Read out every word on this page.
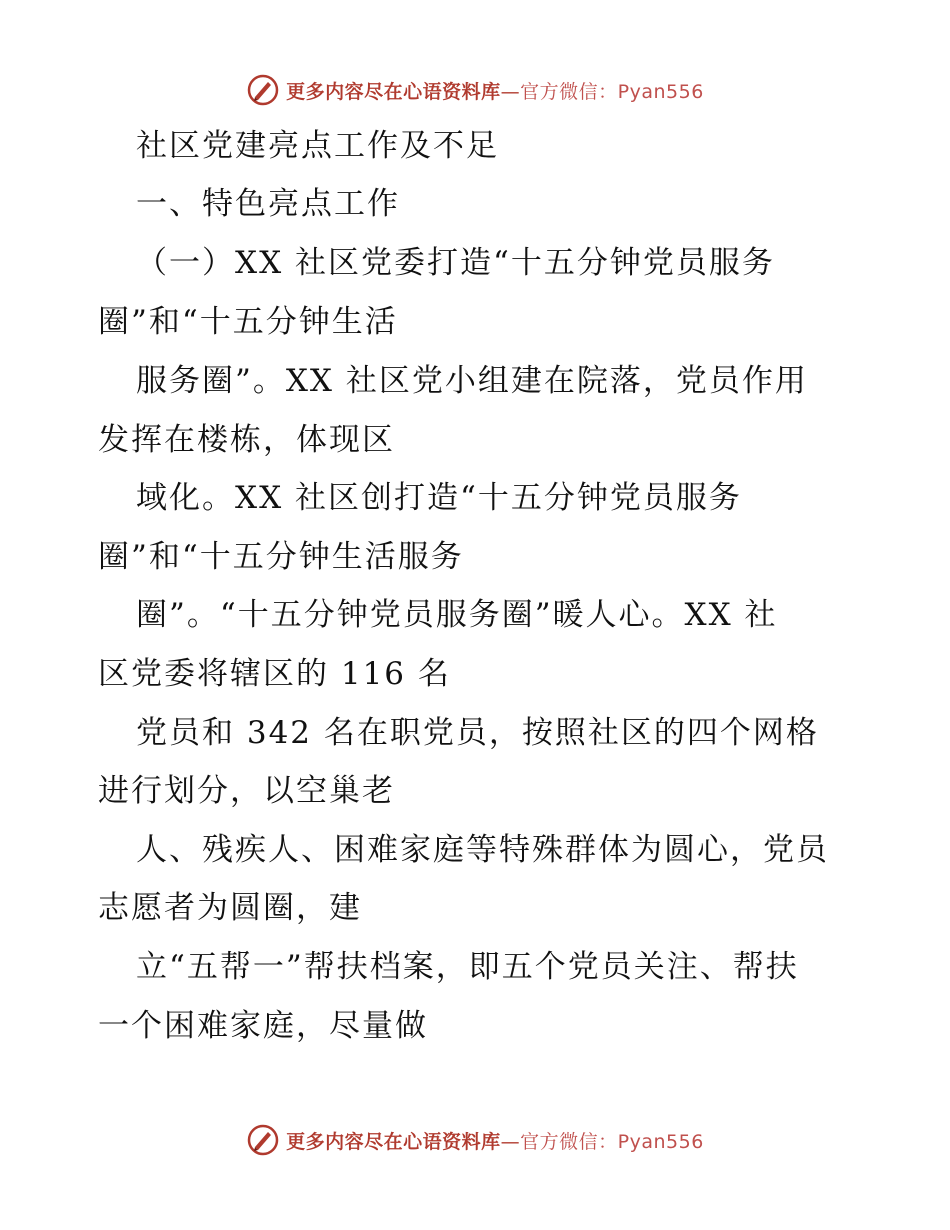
更多内容尽在心语资料库—官方微信：Pyan556
社区党建亮点工作及不足
一、特色亮点工作
（一）XX 社区党委打造“十五分钟党员服务
圈”和“十五分钟生活
服务圈”。XX 社区党小组建在院落，党员作用
发挥在楼栋，体现区
域化。XX 社区创打造“十五分钟党员服务
圈”和“十五分钟生活服务
圈”。“十五分钟党员服务圈”暖人心。XX 社
区党委将辖区的 116 名
党员和 342 名在职党员，按照社区的四个网格
进行划分，以空巢老
人、残疾人、困难家庭等特殊群体为圆心，党员
志愿者为圆圈，建
立“五帮一”帮扶档案，即五个党员关注、帮扶
一个困难家庭，尽量做
更多内容尽在心语资料库—官方微信：Pyan556
